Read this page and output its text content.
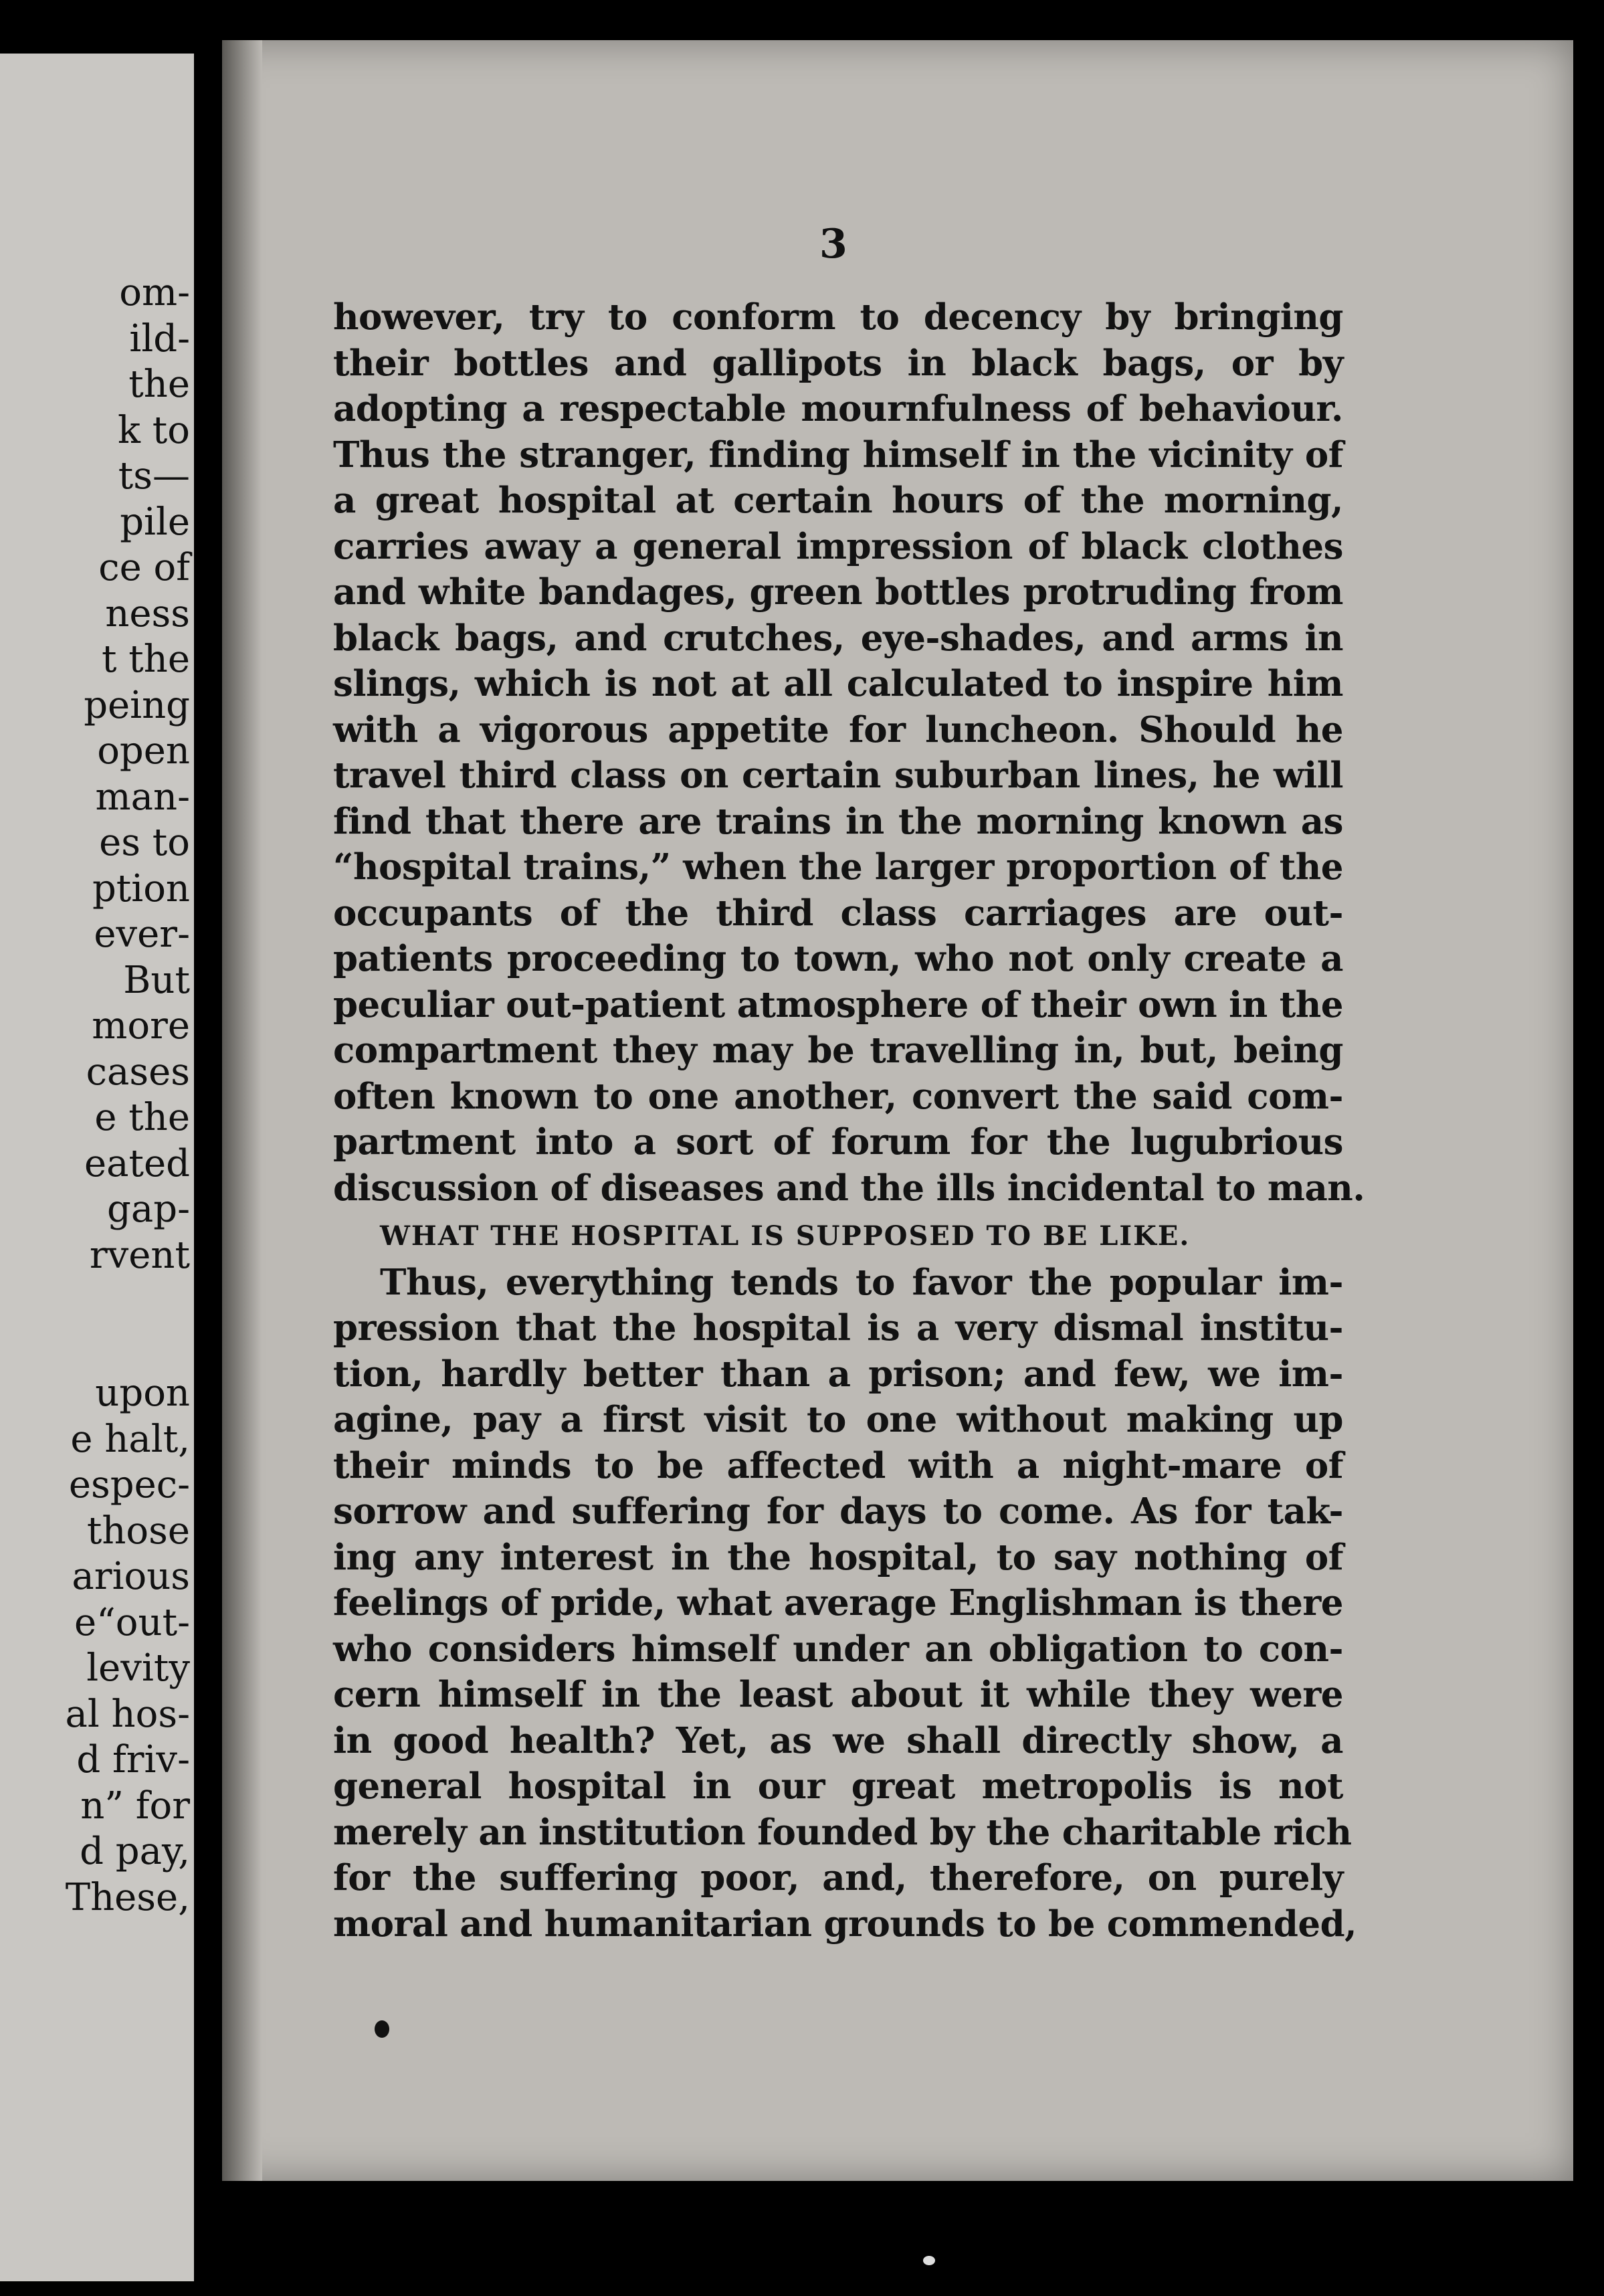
om-
ild-
the
k to
ts—
pile
ce of
ness
t the
peing
open
man-
es to
ption
ever-
But
more
cases
e the
eated
gap-
rvent
upon
e halt,
espec-
those
arious
e“out-
levity
al hos-
d friv-
n” for
d pay,
These,
3
however, try to conform to decency by bringing
their bottles and gallipots in black bags, or by
adopting a respectable mournfulness of behaviour.
Thus the stranger, finding himself in the vicinity of
a great hospital at certain hours of the morning,
carries away a general impression of black clothes
and white bandages, green bottles protruding from
black bags, and crutches, eye-shades, and arms in
slings, which is not at all calculated to inspire him
with a vigorous appetite for luncheon. Should he
travel third class on certain suburban lines, he will
find that there are trains in the morning known as
“hospital trains,” when the larger proportion of the
occupants of the third class carriages are out-
patients proceeding to town, who not only create a
peculiar out-patient atmosphere of their own in the
compartment they may be travelling in, but, being
often known to one another, convert the said com-
partment into a sort of forum for the lugubrious
discussion of diseases and the ills incidental to man.
WHAT THE HOSPITAL IS SUPPOSED TO BE LIKE.
Thus, everything tends to favor the popular im-
pression that the hospital is a very dismal institu-
tion, hardly better than a prison; and few, we im-
agine, pay a first visit to one without making up
their minds to be affected with a night-mare of
sorrow and suffering for days to come. As for tak-
ing any interest in the hospital, to say nothing of
feelings of pride, what average Englishman is there
who considers himself under an obligation to con-
cern himself in the least about it while they were
in good health? Yet, as we shall directly show, a
general hospital in our great metropolis is not
merely an institution founded by the charitable rich
for the suffering poor, and, therefore, on purely
moral and humanitarian grounds to be commended,
